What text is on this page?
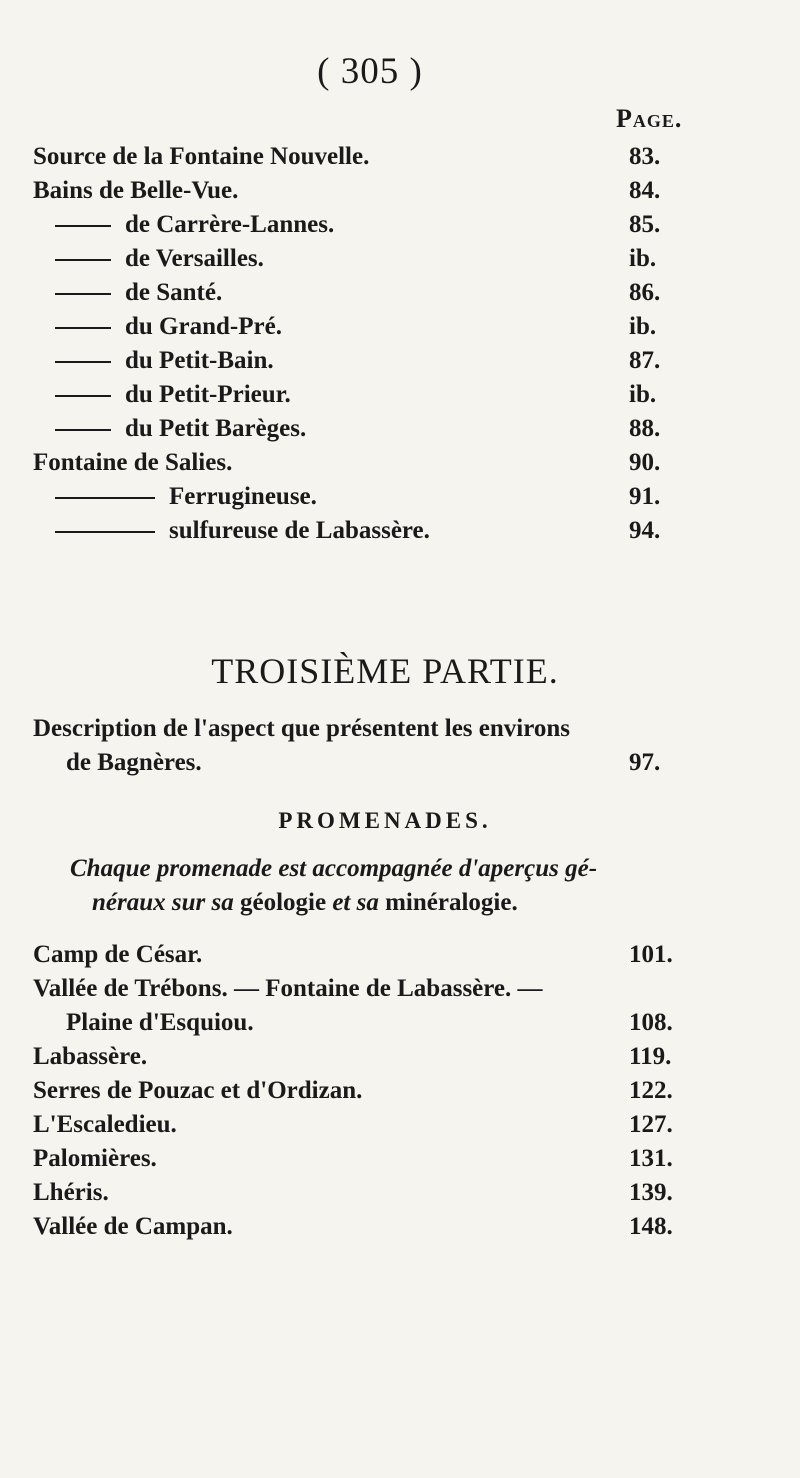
( 305 )
Page.
Source de la Fontaine Nouvelle.	83.
Bains de Belle-Vue.	84.
de Carrère-Lannes.	85.
de Versailles.	ib.
de Santé.	86.
du Grand-Pré.	ib.
du Petit-Bain.	87.
du Petit-Prieur.	ib.
du Petit Barèges.	88.
Fontaine de Salies.	90.
Ferrugineuse.	91.
sulfureuse de Labassère.	94.
TROISIÈME PARTIE.
Description de l'aspect que présentent les environs
de Bagnères.	97.
PROMENADES.
Chaque promenade est accompagnée d'aperçus gé-
néraux sur sa géologie et sa minéralogie.
Camp de César.	101.
Vallée de Trébons. — Fontaine de Labassère. —
Plaine d'Esquiou.	108.
Labassère.	119.
Serres de Pouzac et d'Ordizan.	122.
L'Escaledieu.	127.
Palomières.	131.
Lhéris.	139.
Vallée de Campan.	148.
